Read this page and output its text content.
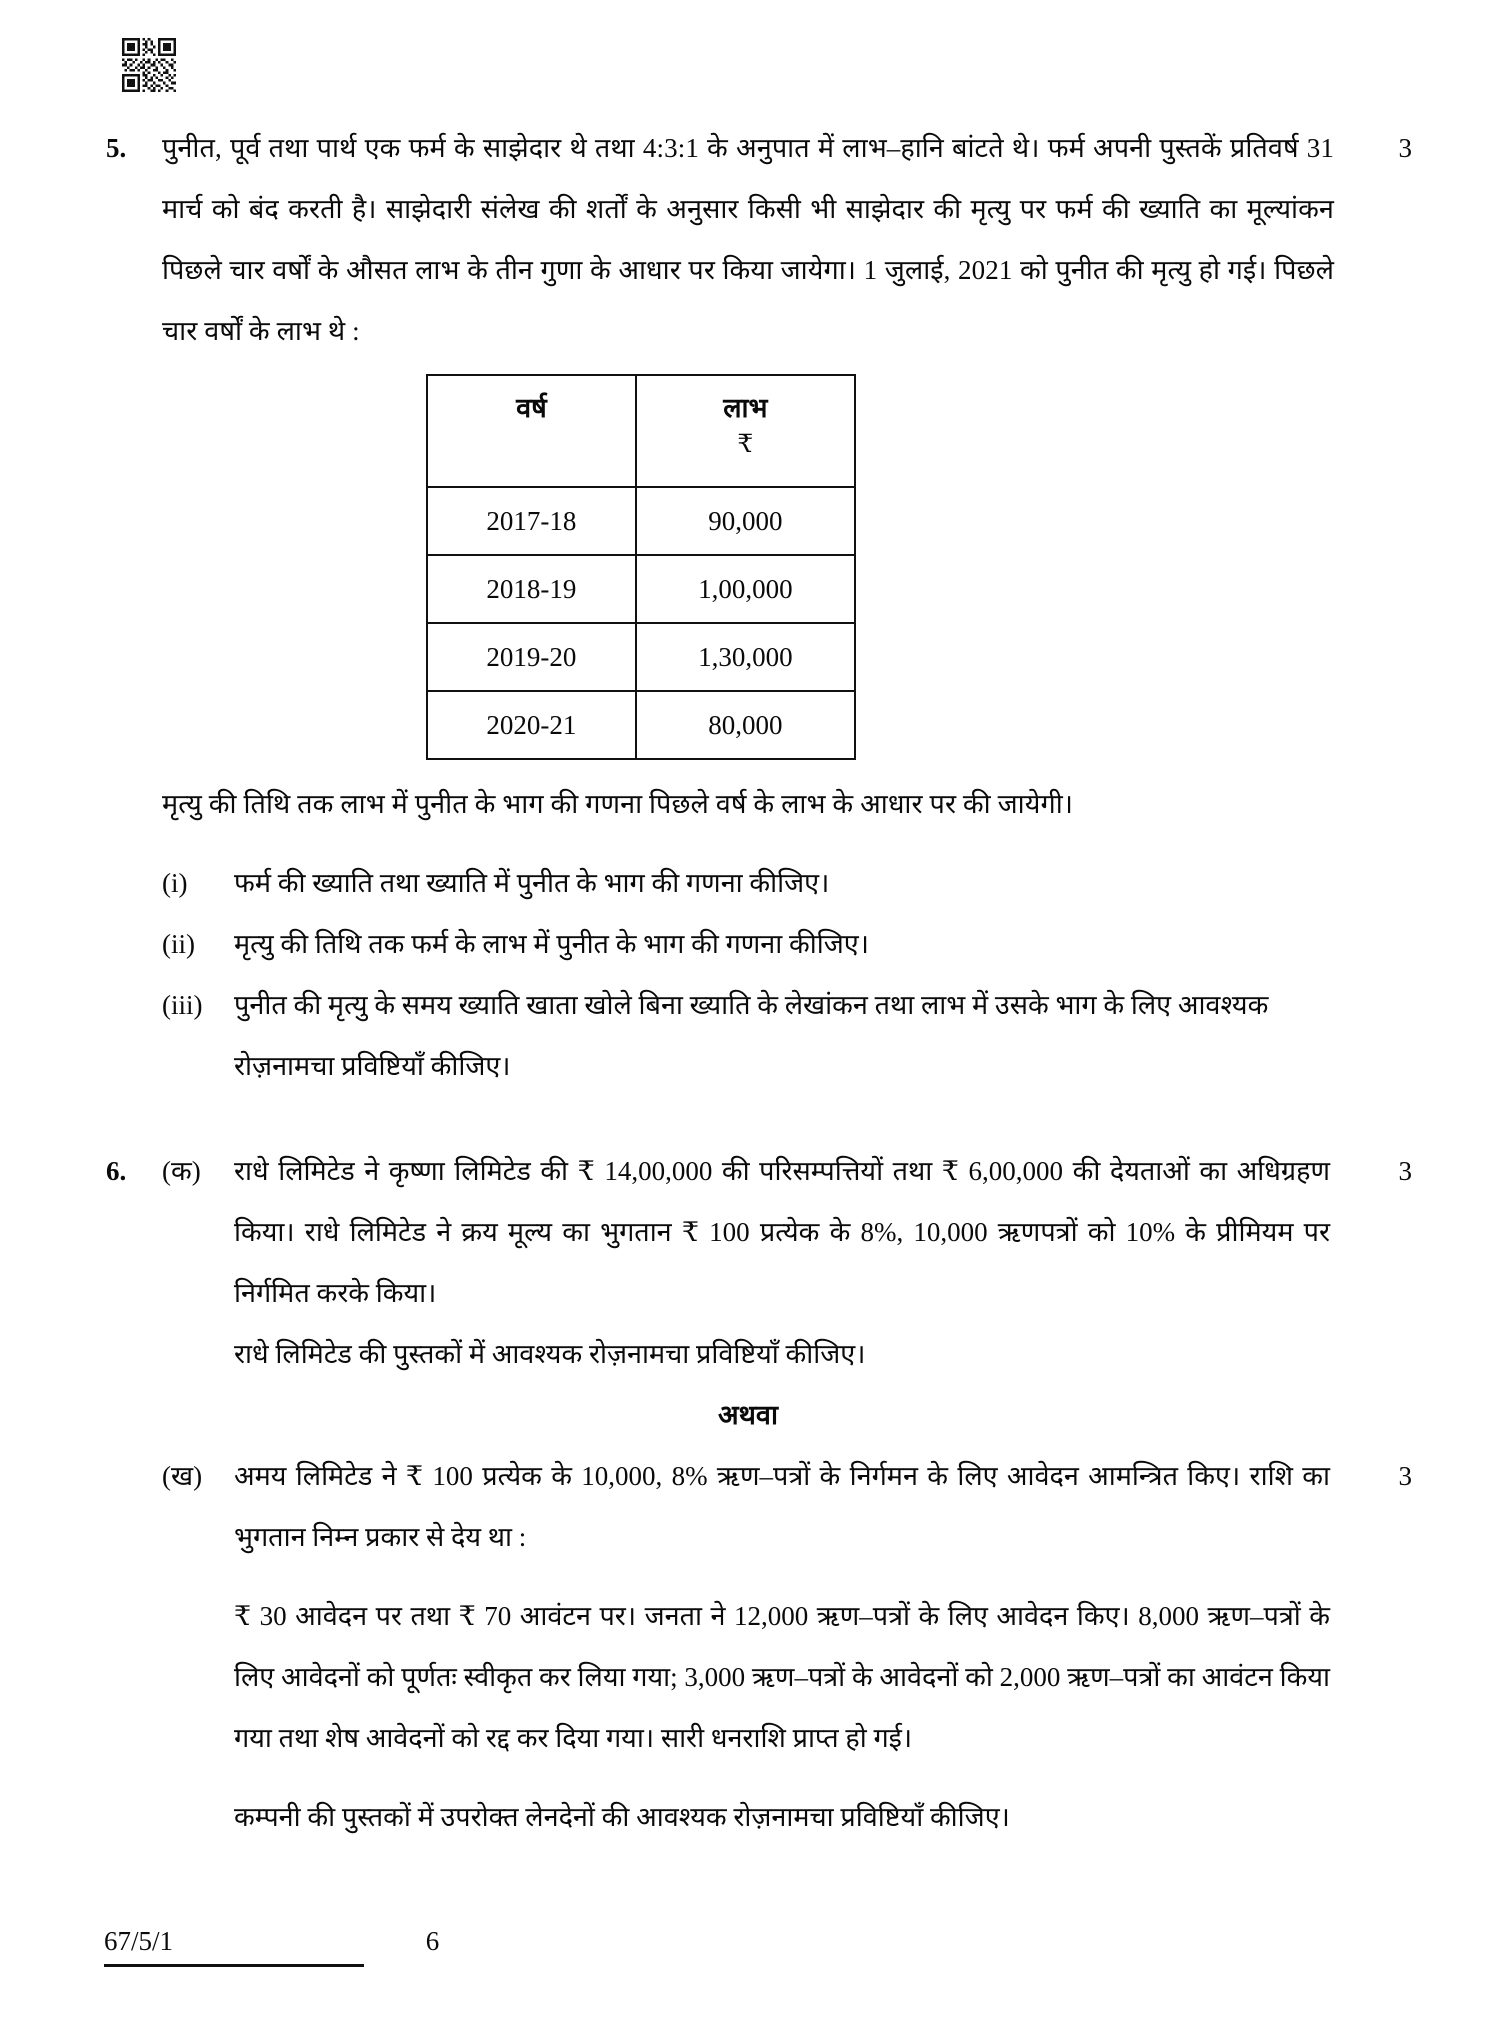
5.	3

पुनीत, पूर्व तथा पार्थ एक फर्म के साझेदार थे तथा 4:3:1 के अनुपात में लाभ–हानि बांटते थे। फर्म अपनी पुस्तकें प्रतिवर्ष 31 मार्च को बंद करती है। साझेदारी संलेख की शर्तों के अनुसार किसी भी साझेदार की मृत्यु पर फर्म की ख्याति का मूल्यांकन पिछले चार वर्षों के औसत लाभ के तीन गुणा के आधार पर किया जायेगा। 1 जुलाई, 2021 को पुनीत की मृत्यु हो गई। पिछले चार वर्षों के लाभ थे :

वर्ष	लाभ
₹

2017-18	90,000
2018-19	1,00,000
2019-20	1,30,000
2020-21	80,000

मृत्यु की तिथि तक लाभ में पुनीत के भाग की गणना पिछले वर्ष के लाभ के आधार पर की जायेगी।

(i)	फर्म की ख्याति तथा ख्याति में पुनीत के भाग की गणना कीजिए।
(ii)	मृत्यु की तिथि तक फर्म के लाभ में पुनीत के भाग की गणना कीजिए।
(iii)	पुनीत की मृत्यु के समय ख्याति खाता खोले बिना ख्याति के लेखांकन तथा लाभ में उसके भाग के लिए आवश्यक रोज़नामचा प्रविष्टियाँ कीजिए।
6.	3
(क)	राधे लिमिटेड ने कृष्णा लिमिटेड की ₹ 14,00,000 की परिसम्पत्तियों तथा ₹ 6,00,000 की देयताओं का अधिग्रहण किया। राधे लिमिटेड ने क्रय मूल्य का भुगतान ₹ 100 प्रत्येक के 8%, 10,000 ऋणपत्रों को 10% के प्रीमियम पर निर्गमित करके किया।
राधे लिमिटेड की पुस्तकों में आवश्यक रोज़नामचा प्रविष्टियाँ कीजिए।
अथवा
3
(ख)	अमय लिमिटेड ने ₹ 100 प्रत्येक के 10,000, 8% ऋण–पत्रों के निर्गमन के लिए आवेदन आमन्त्रित किए। राशि का भुगतान निम्न प्रकार से देय था :
₹ 30 आवेदन पर तथा ₹ 70 आवंटन पर। जनता ने 12,000 ऋण–पत्रों के लिए आवेदन किए। 8,000 ऋण–पत्रों के लिए आवेदनों को पूर्णतः स्वीकृत कर लिया गया; 3,000 ऋण–पत्रों के आवेदनों को 2,000 ऋण–पत्रों का आवंटन किया गया तथा शेष आवेदनों को रद्द कर दिया गया। सारी धनराशि प्राप्त हो गई।
कम्पनी की पुस्तकों में उपरोक्त लेनदेनों की आवश्यक रोज़नामचा प्रविष्टियाँ कीजिए।
67/5/1	6
